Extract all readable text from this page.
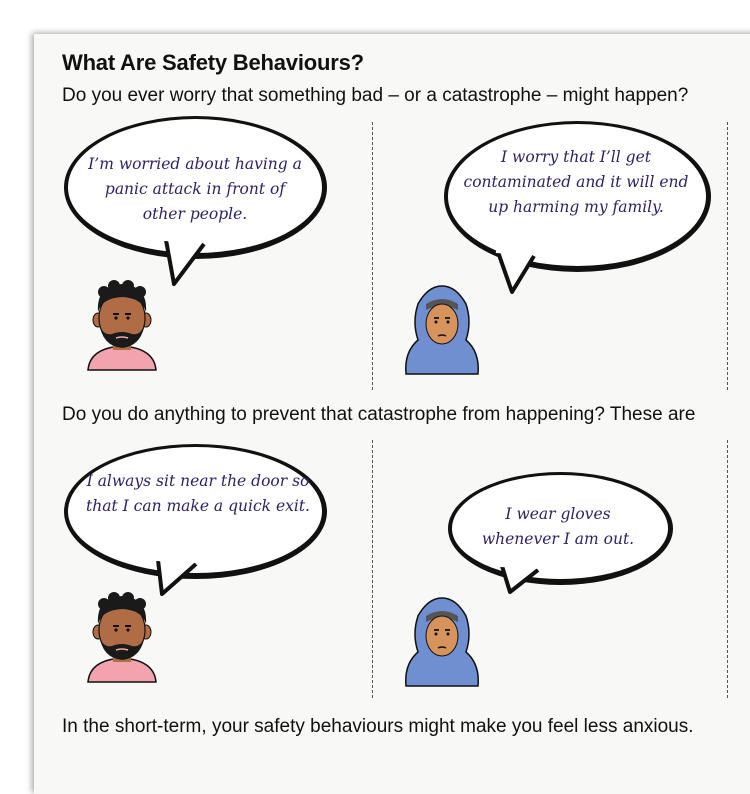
What Are Safety Behaviours?
Do you ever worry that something bad – or a catastrophe – might happen?
Do you do anything to prevent that catastrophe from happening? These are
In the short-term, your safety behaviours might make you feel less anxious.
I’m worried about having a panic attack in front of other people.
I worry that I’ll get contaminated and it will end up harming my family.
I always sit near the door so that I can make a quick exit.	I wear gloves whenever I am out.
